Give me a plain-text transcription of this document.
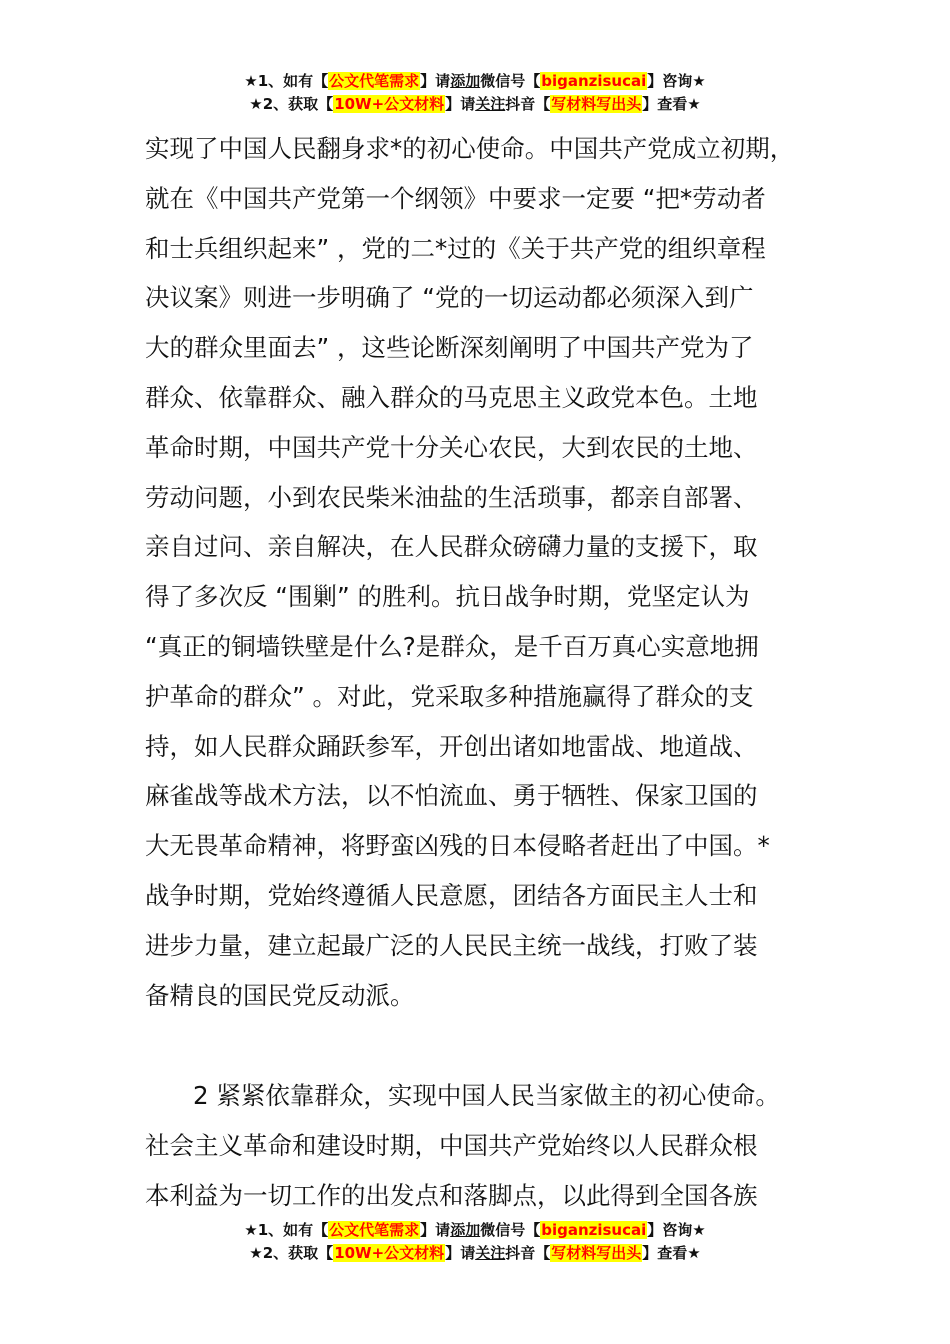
★1、如有【公文代笔需求】请添加微信号【biganzisucai】咨询★
★2、获取【10W+公文材料】请关注抖音【写材料写出头】查看★
实现了中国人民翻身求*的初心使命。中国共产党成立初期，
就在《中国共产党第一个纲领》中要求一定要 “把*劳动者
和士兵组织起来” ，党的二*过的《关于共产党的组织章程
决议案》则进一步明确了 “党的一切运动都必须深入到广
大的群众里面去” ，这些论断深刻阐明了中国共产党为了
群众、依靠群众、融入群众的马克思主义政党本色。土地
革命时期，中国共产党十分关心农民，大到农民的土地、
劳动问题，小到农民柴米油盐的生活琐事，都亲自部署、
亲自过问、亲自解决，在人民群众磅礴力量的支援下，取
得了多次反 “围剿” 的胜利。抗日战争时期，党坚定认为
“真正的铜墙铁壁是什么?是群众，是千百万真心实意地拥
护革命的群众” 。对此，党采取多种措施赢得了群众的支
持，如人民群众踊跃参军，开创出诸如地雷战、地道战、
麻雀战等战术方法，以不怕流血、勇于牺牲、保家卫国的
大无畏革命精神，将野蛮凶残的日本侵略者赶出了中国。*
战争时期，党始终遵循人民意愿，团结各方面民主人士和
进步力量，建立起最广泛的人民民主统一战线，打败了装
备精良的国民党反动派。
2 紧紧依靠群众，实现中国人民当家做主的初心使命。
社会主义革命和建设时期，中国共产党始终以人民群众根
本利益为一切工作的出发点和落脚点，以此得到全国各族
★1、如有【公文代笔需求】请添加微信号【biganzisucai】咨询★
★2、获取【10W+公文材料】请关注抖音【写材料写出头】查看★
